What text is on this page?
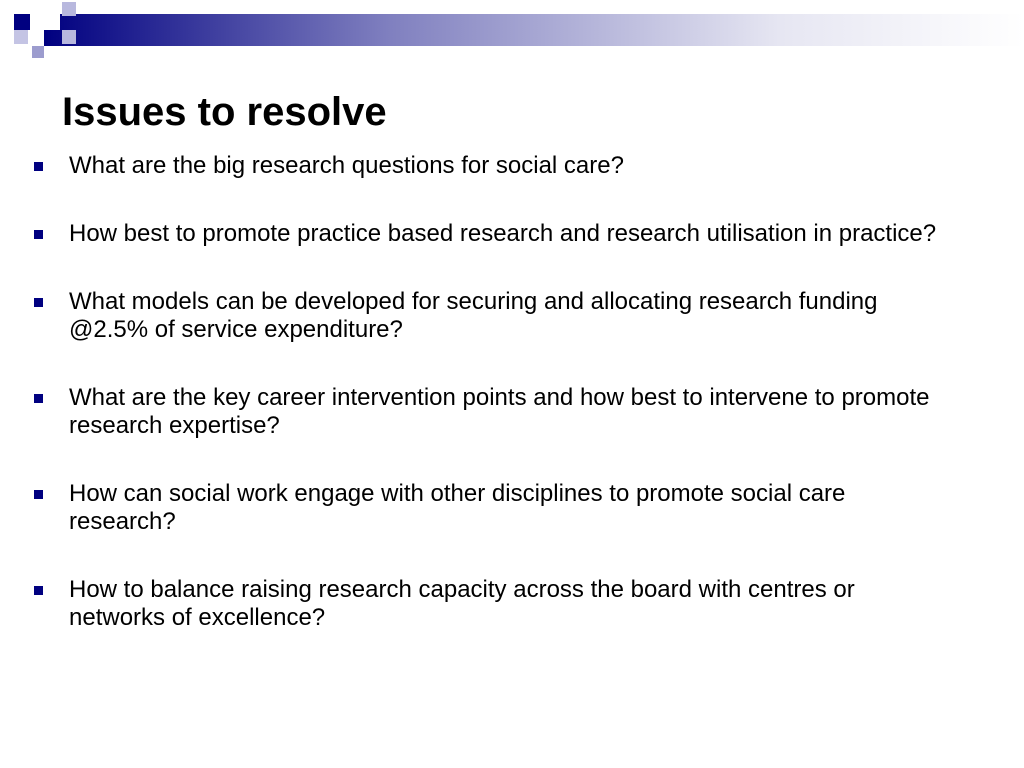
Issues to resolve
What are the big research questions for social care?
How best to promote practice based research and research utilisation in practice?
What models can be developed for securing and allocating research funding @2.5% of service expenditure?
What are the key career intervention points and how best to intervene to promote research expertise?
How can social work engage with other disciplines to promote social care research?
How to balance raising research capacity across the board with centres or networks of excellence?
